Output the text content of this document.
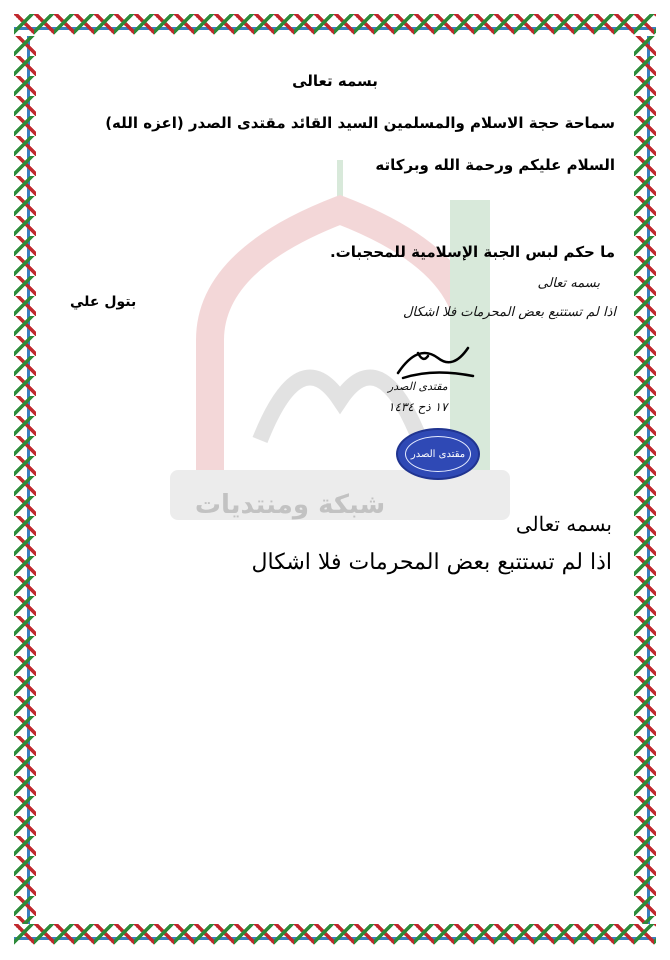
شبكة ومنتديات
بسمه تعالى
سماحة حجة الاسلام والمسلمين السيد القائد مقتدى الصدر (اعزه الله)
السلام عليكم ورحمة الله وبركاته
ما حكم لبس الجبة الإسلامية للمحجبات.
بتول علي
بسمه تعالى
اذا لم تستتبع بعض المحرمات فلا اشكال
مقتدى الصدر
١٧ ذح ١٤٣٤
مقتدى الصدر
بسمه تعالى
اذا لم تستتبع بعض المحرمات فلا اشكال
